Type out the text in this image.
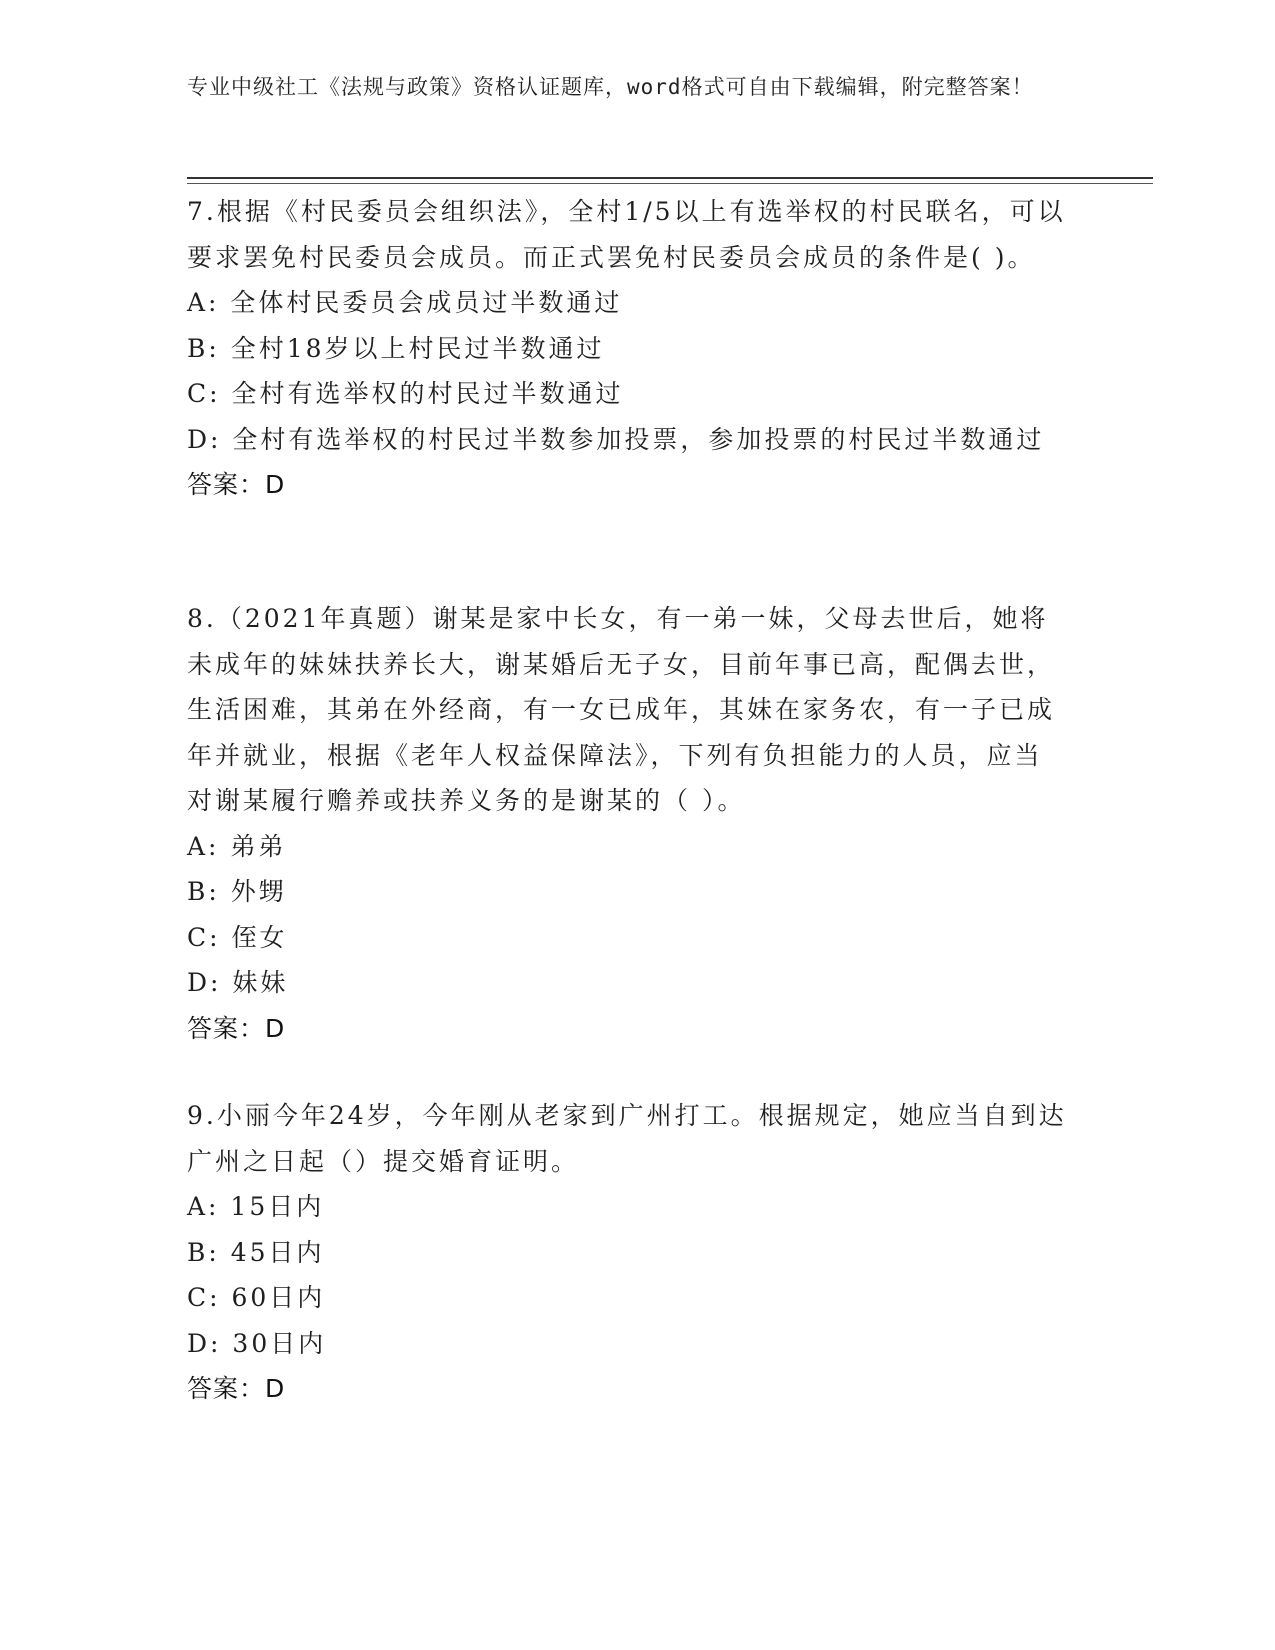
专业中级社工《法规与政策》资格认证题库，word格式可自由下载编辑，附完整答案！
7.根据《村民委员会组织法》，全村1/5以上有选举权的村民联名，可以要求罢免村民委员会成员。而正式罢免村民委员会成员的条件是( )。
A: 全体村民委员会成员过半数通过
B: 全村18岁以上村民过半数通过
C: 全村有选举权的村民过半数通过
D: 全村有选举权的村民过半数参加投票，参加投票的村民过半数通过
答案：D
8.（2021年真题）谢某是家中长女，有一弟一妹，父母去世后，她将未成年的妹妹扶养长大，谢某婚后无子女，目前年事已高，配偶去世，生活困难，其弟在外经商，有一女已成年，其妹在家务农，有一子已成年并就业，根据《老年人权益保障法》，下列有负担能力的人员，应当对谢某履行赡养或扶养义务的是谢某的（ ）。
A: 弟弟
B: 外甥
C: 侄女
D: 妹妹
答案：D
9.小丽今年24岁，今年刚从老家到广州打工。根据规定，她应当自到达广州之日起（）提交婚育证明。
A: 15日内
B: 45日内
C: 60日内
D: 30日内
答案：D
